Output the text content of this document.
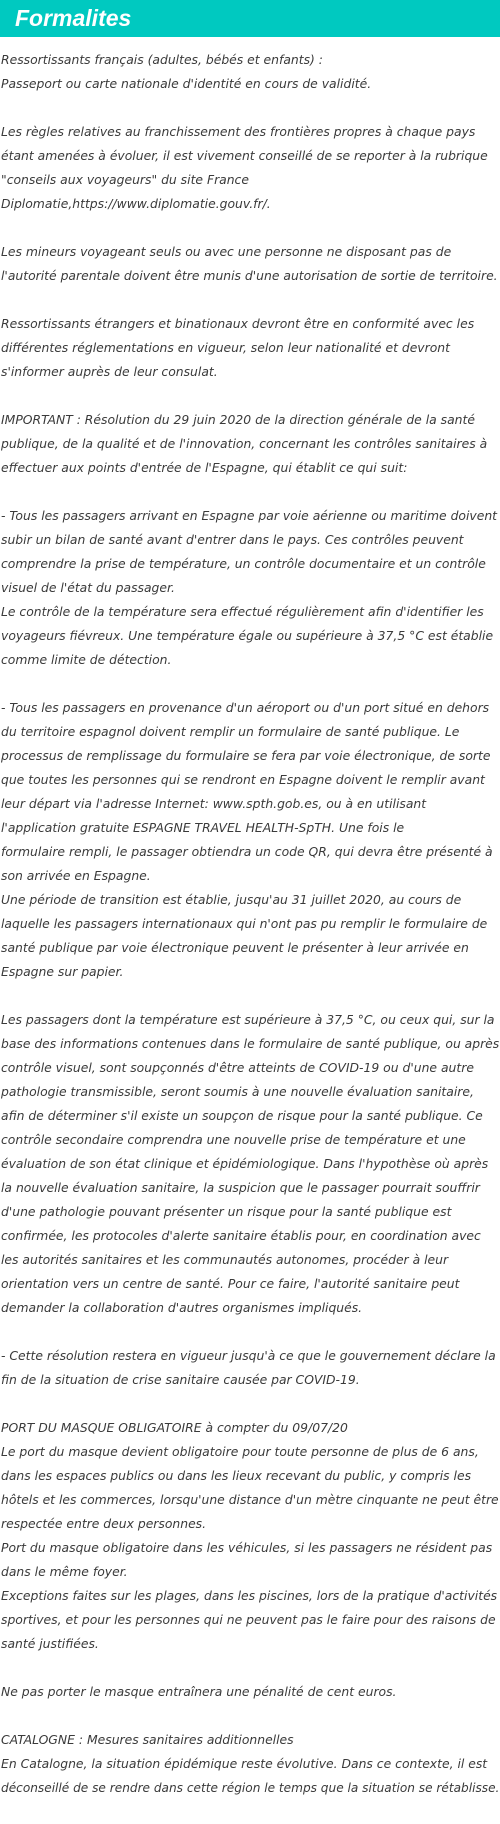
Formalites
Ressortissants français (adultes, bébés et enfants) :
Passeport ou carte nationale d'identité en cours de validité.
Les règles relatives au franchissement des frontières propres à chaque pays
étant amenées à évoluer, il est vivement conseillé de se reporter à la rubrique
"conseils aux voyageurs" du site France
Diplomatie,https://www.diplomatie.gouv.fr/.
Les mineurs voyageant seuls ou avec une personne ne disposant pas de
l'autorité parentale doivent être munis d'une autorisation de sortie de territoire.
Ressortissants étrangers et binationaux devront être en conformité avec les
différentes réglementations en vigueur, selon leur nationalité et devront
s'informer auprès de leur consulat.
IMPORTANT : Résolution du 29 juin 2020 de la direction générale de la santé
publique, de la qualité et de l'innovation, concernant les contrôles sanitaires à
effectuer aux points d'entrée de l'Espagne, qui établit ce qui suit:
- Tous les passagers arrivant en Espagne par voie aérienne ou maritime doivent
subir un bilan de santé avant d'entrer dans le pays. Ces contrôles peuvent
comprendre la prise de température, un contrôle documentaire et un contrôle
visuel de l'état du passager.
Le contrôle de la température sera effectué régulièrement afin d'identifier les
voyageurs fiévreux. Une température égale ou supérieure à 37,5 °C est établie
comme limite de détection.
- Tous les passagers en provenance d'un aéroport ou d'un port situé en dehors
du territoire espagnol doivent remplir un formulaire de santé publique. Le
processus de remplissage du formulaire se fera par voie électronique, de sorte
que toutes les personnes qui se rendront en Espagne doivent le remplir avant
leur départ via l'adresse Internet: www.spth.gob.es, ou à en utilisant
l'application gratuite ESPAGNE TRAVEL HEALTH-SpTH. Une fois le
formulaire rempli, le passager obtiendra un code QR, qui devra être présenté à
son arrivée en Espagne.
Une période de transition est établie, jusqu'au 31 juillet 2020, au cours de
laquelle les passagers internationaux qui n'ont pas pu remplir le formulaire de
santé publique par voie électronique peuvent le présenter à leur arrivée en
Espagne sur papier.
Les passagers dont la température est supérieure à 37,5 °C, ou ceux qui, sur la
base des informations contenues dans le formulaire de santé publique, ou après
contrôle visuel, sont soupçonnés d'être atteints de COVID-19 ou d'une autre
pathologie transmissible, seront soumis à une nouvelle évaluation sanitaire,
afin de déterminer s'il existe un soupçon de risque pour la santé publique. Ce
contrôle secondaire comprendra une nouvelle prise de température et une
évaluation de son état clinique et épidémiologique. Dans l'hypothèse où après
la nouvelle évaluation sanitaire, la suspicion que le passager pourrait souffrir
d'une pathologie pouvant présenter un risque pour la santé publique est
confirmée, les protocoles d'alerte sanitaire établis pour, en coordination avec
les autorités sanitaires et les communautés autonomes, procéder à leur
orientation vers un centre de santé. Pour ce faire, l'autorité sanitaire peut
demander la collaboration d'autres organismes impliqués.
- Cette résolution restera en vigueur jusqu'à ce que le gouvernement déclare la
fin de la situation de crise sanitaire causée par COVID-19.
PORT DU MASQUE OBLIGATOIRE à compter du 09/07/20
Le port du masque devient obligatoire pour toute personne de plus de 6 ans,
dans les espaces publics ou dans les lieux recevant du public, y compris les
hôtels et les commerces, lorsqu'une distance d'un mètre cinquante ne peut être
respectée entre deux personnes.
Port du masque obligatoire dans les véhicules, si les passagers ne résident pas
dans le même foyer.
Exceptions faites sur les plages, dans les piscines, lors de la pratique d'activités
sportives, et pour les personnes qui ne peuvent pas le faire pour des raisons de
santé justifiées.
Ne pas porter le masque entraînera une pénalité de cent euros.
CATALOGNE : Mesures sanitaires additionnelles
En Catalogne, la situation épidémique reste évolutive. Dans ce contexte, il est
déconseillé de se rendre dans cette région le temps que la situation se rétablisse.
